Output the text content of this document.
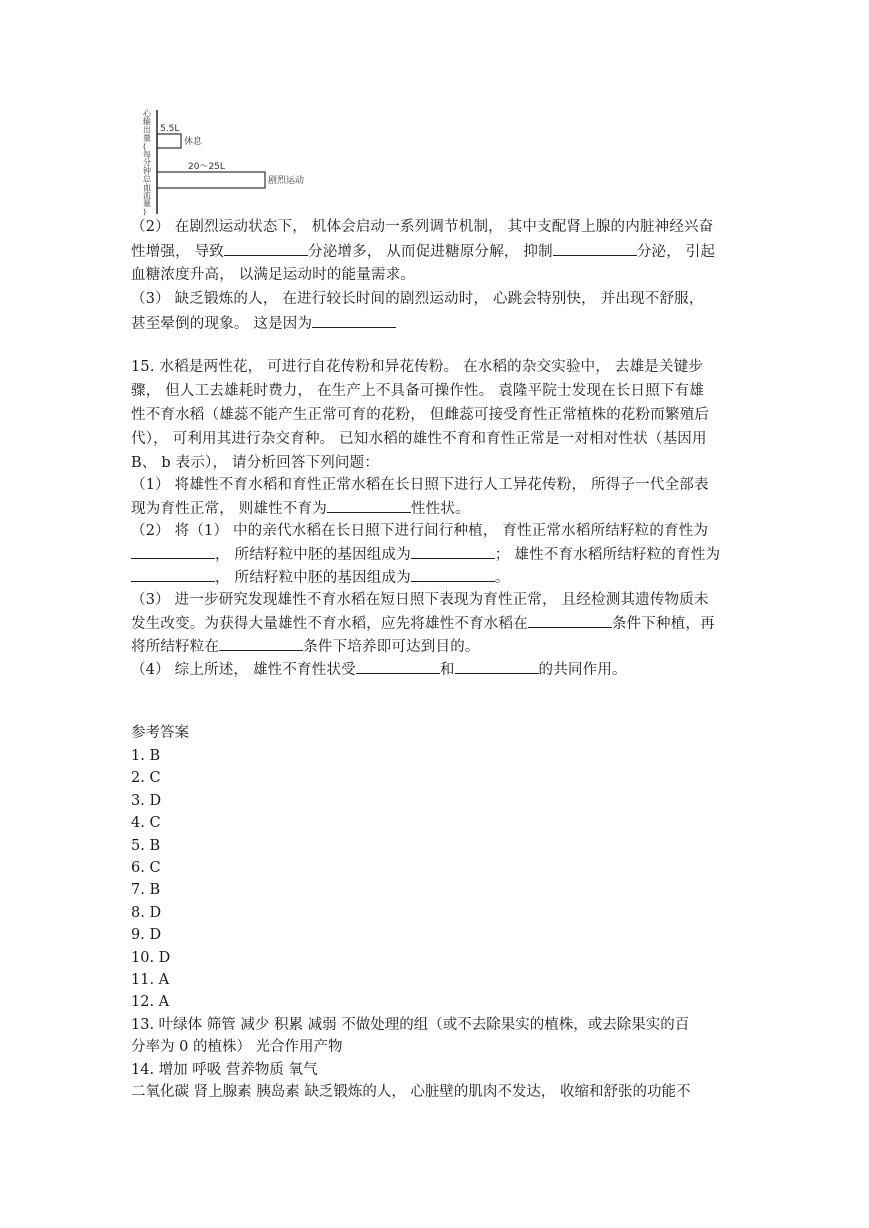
心输出量(每分钟总血流量)
5.5L
休息
20～25L
剧烈运动
（2） 在剧烈运动状态下， 机体会启动一系列调节机制， 其中支配肾上腺的内脏神经兴奋
性增强， 导致	分泌增多， 从而促进糖原分解， 抑制	分泌， 引起
血糖浓度升高， 以满足运动时的能量需求。
（3） 缺乏锻炼的人， 在进行较长时间的剧烈运动时， 心跳会特别快， 并出现不舒服，
甚至晕倒的现象。 这是因为
15. 水稻是两性花， 可进行自花传粉和异花传粉。 在水稻的杂交实验中， 去雄是关键步
骤， 但人工去雄耗时费力， 在生产上不具备可操作性。 袁隆平院士发现在长日照下有雄
性不育水稻（雄蕊不能产生正常可育的花粉， 但雌蕊可接受育性正常植株的花粉而繁殖后
代）， 可利用其进行杂交育种。 已知水稻的雄性不育和育性正常是一对相对性状（基因用
B、 b 表示）， 请分析回答下列问题：
（1） 将雄性不育水稻和育性正常水稻在长日照下进行人工异花传粉， 所得子一代全部表
现为育性正常， 则雄性不育为	性性状。
（2） 将（1） 中的亲代水稻在长日照下进行间行种植， 育性正常水稻所结籽粒的育性为
， 所结籽粒中胚的基因组成为	； 雄性不育水稻所结籽粒的育性为
， 所结籽粒中胚的基因组成为	。
（3） 进一步研究发现雄性不育水稻在短日照下表现为育性正常， 且经检测其遗传物质未
发生改变。为获得大量雄性不育水稻，应先将雄性不育水稻在	条件下种植，再
将所结籽粒在	条件下培养即可达到目的。
（4） 综上所述， 雄性不育性状受	和	的共同作用。
参考答案
1. B
2. C
3. D
4. C
5. B
6. C
7. B
8. D
9. D
10. D
11. A
12. A
13. 叶绿体 筛管 减少 积累 减弱 不做处理的组（或不去除果实的植株，或去除果实的百
分率为 0 的植株） 光合作用产物
14. 增加 呼吸 营养物质 氧气
二氧化碳 肾上腺素 胰岛素 缺乏锻炼的人， 心脏壁的肌肉不发达， 收缩和舒张的功能不
